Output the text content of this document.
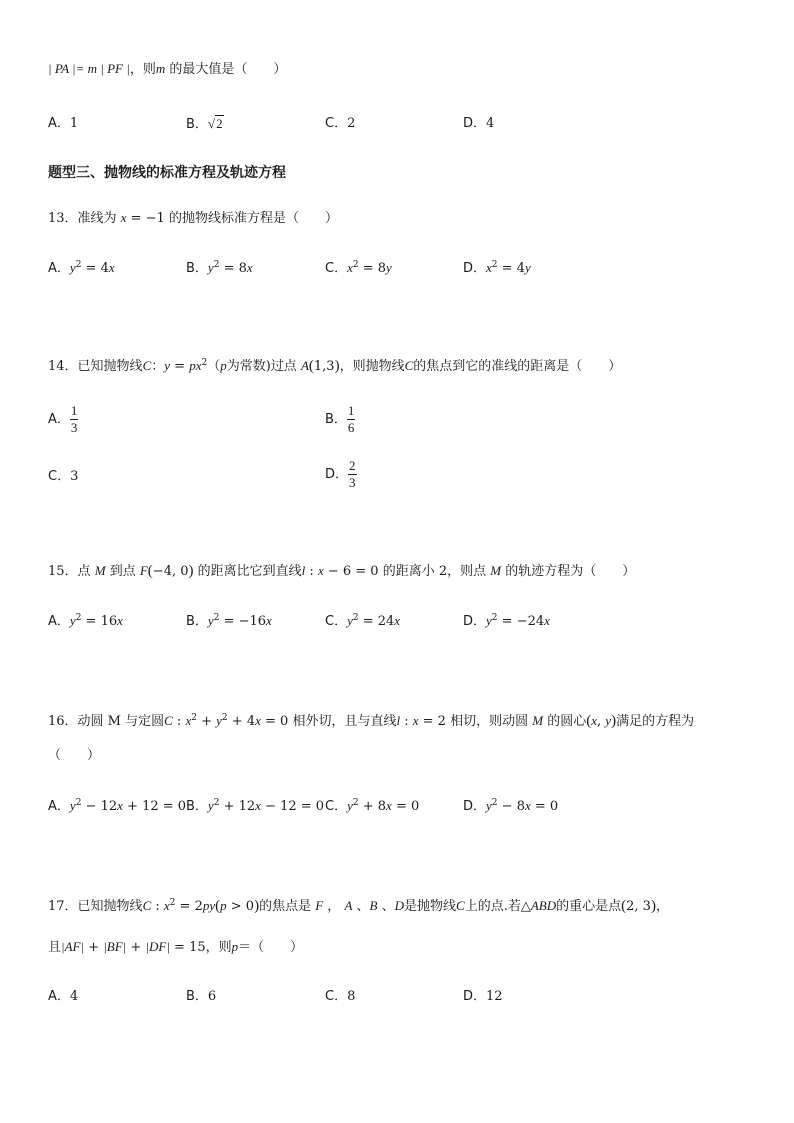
| PA |= m | PF |，则m 的最大值是（　　）
A．1	B．√2	C．2	D．4
题型三、抛物线的标准方程及轨迹方程
13．准线为 x = −1 的抛物线标准方程是（　　）
A．$y^2 = 4x$	B．$y^2 = 8x$	C．$x^2 = 8y$	D．$x^2 = 4y$
14．已知抛物线C：$y = px^2(p$为常数)过点 A(1,3)，则抛物线C的焦点到它的准线的距离是（　　）
A． $\frac{1}{3}$	B． $\frac{1}{6}$
C．3	D． $\frac{2}{3}$
15．点 M 到点 F(−4, 0) 的距离比它到直线l : x − 6 = 0 的距离小 2，则点 M 的轨迹方程为（　　）
A．$y^2 = 16x$	B．$y^2 = -16x$	C．$y^2 = 24x$	D．$y^2 = -24x$
16．动圆 M 与定圆C : $x^2 + y^2 + 4x = 0$ 相外切，且与直线l : x = 2 相切，则动圆 M 的圆心(x, y)满足的方程为
（　　）
A．$y^2 - 12x + 12 = 0$ B．$y^2 + 12x - 12 = 0$ C．$y^2 + 8x = 0$	D．$y^2 - 8x = 0$
17．已知抛物线C : $x^2 = 2py(p > 0)$的焦点是 F ， A 、B 、D是抛物线C上的点.若△ABD的重心是点(2, 3)，
且|AF| + |BF| + |DF| = 15，则p＝（　　）
A．4	B．6	C．8	D．12
